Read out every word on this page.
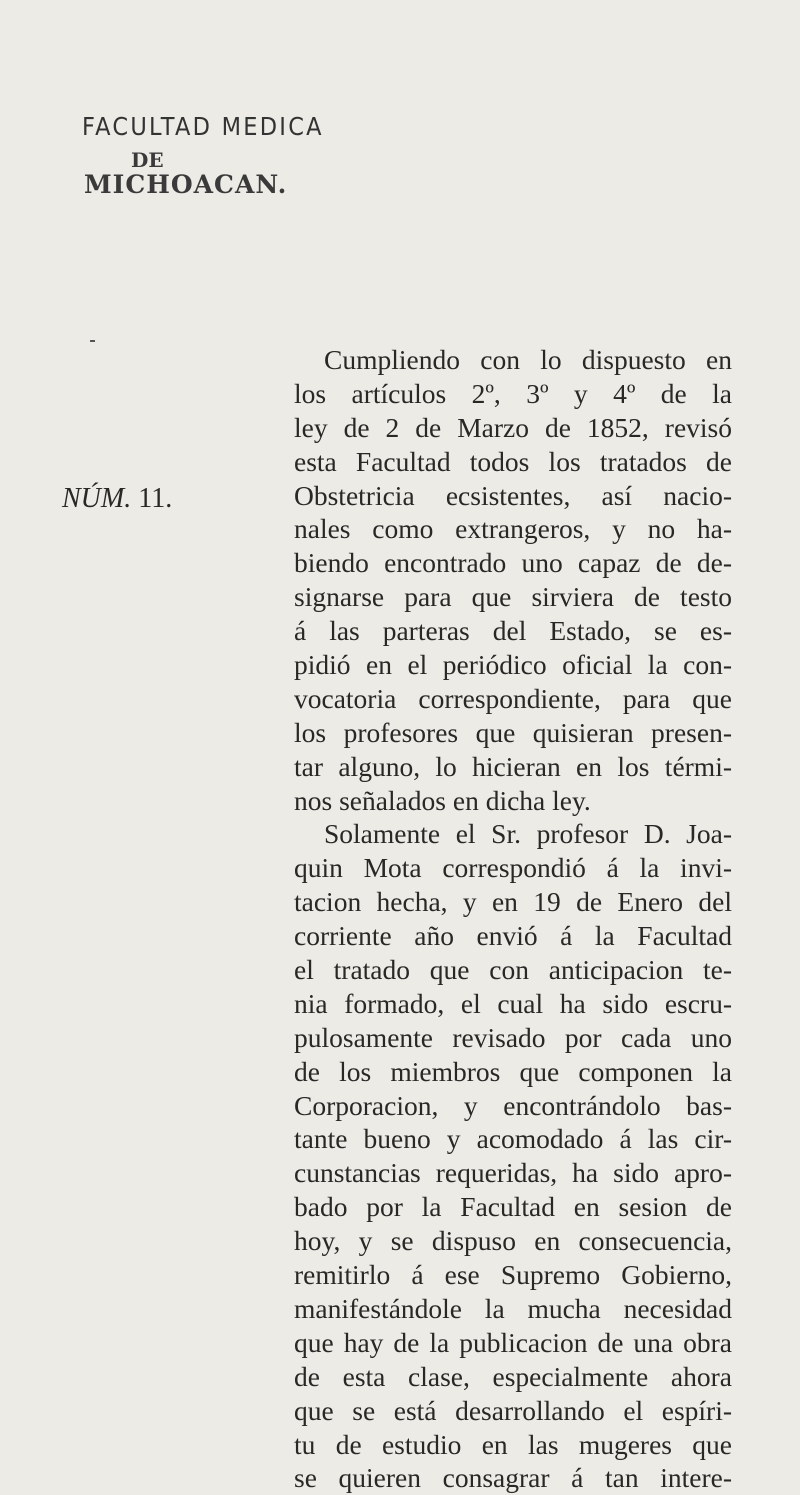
FACULTAD MEDICA
DE
MICHOACAN.
NÚM. 11.
Cumpliendo con lo dispuesto en
los artículos 2º, 3º y 4º de la
ley de 2 de Marzo de 1852, revisó
esta Facultad todos los tratados de
Obstetricia ecsistentes, así nacio-
nales como extrangeros, y no ha-
biendo encontrado uno capaz de de-
signarse para que sirviera de testo
á las parteras del Estado, se es-
pidió en el periódico oficial la con-
vocatoria correspondiente, para que
los profesores que quisieran presen-
tar alguno, lo hicieran en los térmi-
nos señalados en dicha ley.
Solamente el Sr. profesor D. Joa-
quin Mota correspondió á la invi-
tacion hecha, y en 19 de Enero del
corriente año envió á la Facultad
el tratado que con anticipacion te-
nia formado, el cual ha sido escru-
pulosamente revisado por cada uno
de los miembros que componen la
Corporacion, y encontrándolo bas-
tante bueno y acomodado á las cir-
cunstancias requeridas, ha sido apro-
bado por la Facultad en sesion de
hoy, y se dispuso en consecuencia,
remitirlo á ese Supremo Gobierno,
manifestándole la mucha necesidad
que hay de la publicacion de una obra
de esta clase, especialmente ahora
que se está desarrollando el espíri-
tu de estudio en las mugeres que
se quieren consagrar á tan intere-
